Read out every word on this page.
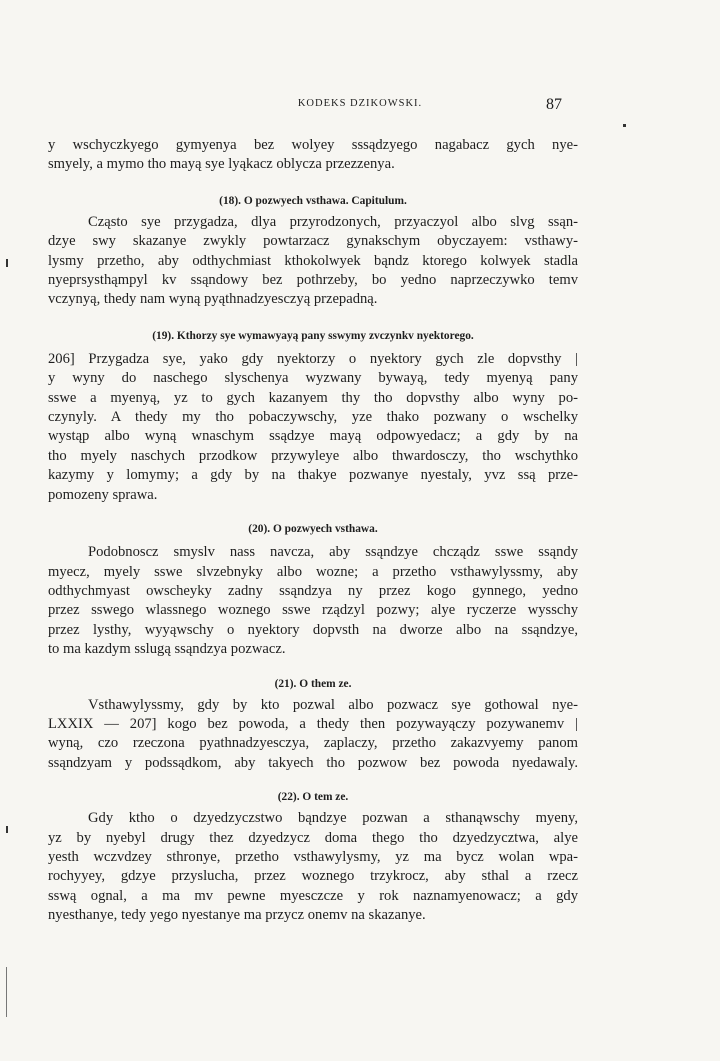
KODEKS DZIKOWSKI.	87

y wschyczkyego gymyenya bez wolyey sssądzyego nagabacz gych nye-
smyely, a mymo tho mayą sye lyąkacz oblycza przezzenya.

(18). O pozwyech vsthawa. Capitulum.

Cząsto sye przygadza, dlya przyrodzonych, przyaczyol albo slvg ssąn-
dzye swy skazanye zwykly powtarzacz gynakschym obyczayem: vsthawy-
lysmy przetho, aby odthychmiast kthokolwyek bąndz ktorego kolwyek stadla
nyeprsysthąmpyl kv ssąndowy bez pothrzeby, bo yedno naprzeczywko temv
vczynyą, thedy nam wyną pyąthnadzyesczyą przepadną.

(19). Kthorzy sye wymawyayą pany sswymy zvczynkv nyektorego.

206] Przygadza sye, yako gdy nyektorzy o nyektory gych zle dopvsthy |
y wyny do naschego slyschenya wyzwany bywayą, tedy myenyą pany
sswe a myenyą, yz to gych kazanyem thy tho dopvsthy albo wyny po-
czynyly. A thedy my tho pobaczywschy, yze thako pozwany o wschelky
wystąp albo wyną wnaschym ssądzye mayą odpowyedacz; a gdy by na
tho myely naschych przodkow przywyleye albo thwardosczy, tho wschythko
kazymy y lomymy; a gdy by na thakye pozwanye nyestaly, yvz ssą prze-
pomozeny sprawa.

(20). O pozwyech vsthawa.

Podobnoscz smyslv nass navcza, aby ssąndzye chcządz sswe ssąndy
myecz, myely sswe slvzebnyky albo wozne; a przetho vsthawylyssmy, aby
odthychmyast owscheyky zadny ssąndzya ny przez kogo gynnego, yedno
przez sswego wlassnego woznego sswe rządzyl pozwy; alye ryczerze wysschy
przez lysthy, wyyąwschy o nyektory dopvsth na dworze albo na ssąndzye,
to ma kazdym sslugą ssąndzya pozwacz.

(21). O them ze.

Vsthawylyssmy, gdy by kto pozwal albo pozwacz sye gothowal nye-
LXXIX — 207] kogo bez powoda, a thedy then pozywayączy pozywanemv |
wyną, czo rzeczona pyathnadzyesczya, zaplaczy, przetho zakazvyemy panom
ssąndzyam y podssądkom, aby takyech tho pozwow bez powoda nyedawaly.

(22). O tem ze.

Gdy ktho o dzyedzyczstwo bąndzye pozwan a sthanąwschy myeny,
yz by nyebyl drugy thez dzyedzycz doma thego tho dzyedzycztwa, alye
yesth wczvdzey sthronye, przetho vsthawylysmy, yz ma bycz wolan wpa-
rochyyey, gdzye przyslucha, przez woznego trzykrocz, aby sthal a rzecz
sswą ognal, a ma mv pewne myesczcze y rok naznamyenowacz; a gdy
nyesthanye, tedy yego nyestanye ma przycz onemv na skazanye.
